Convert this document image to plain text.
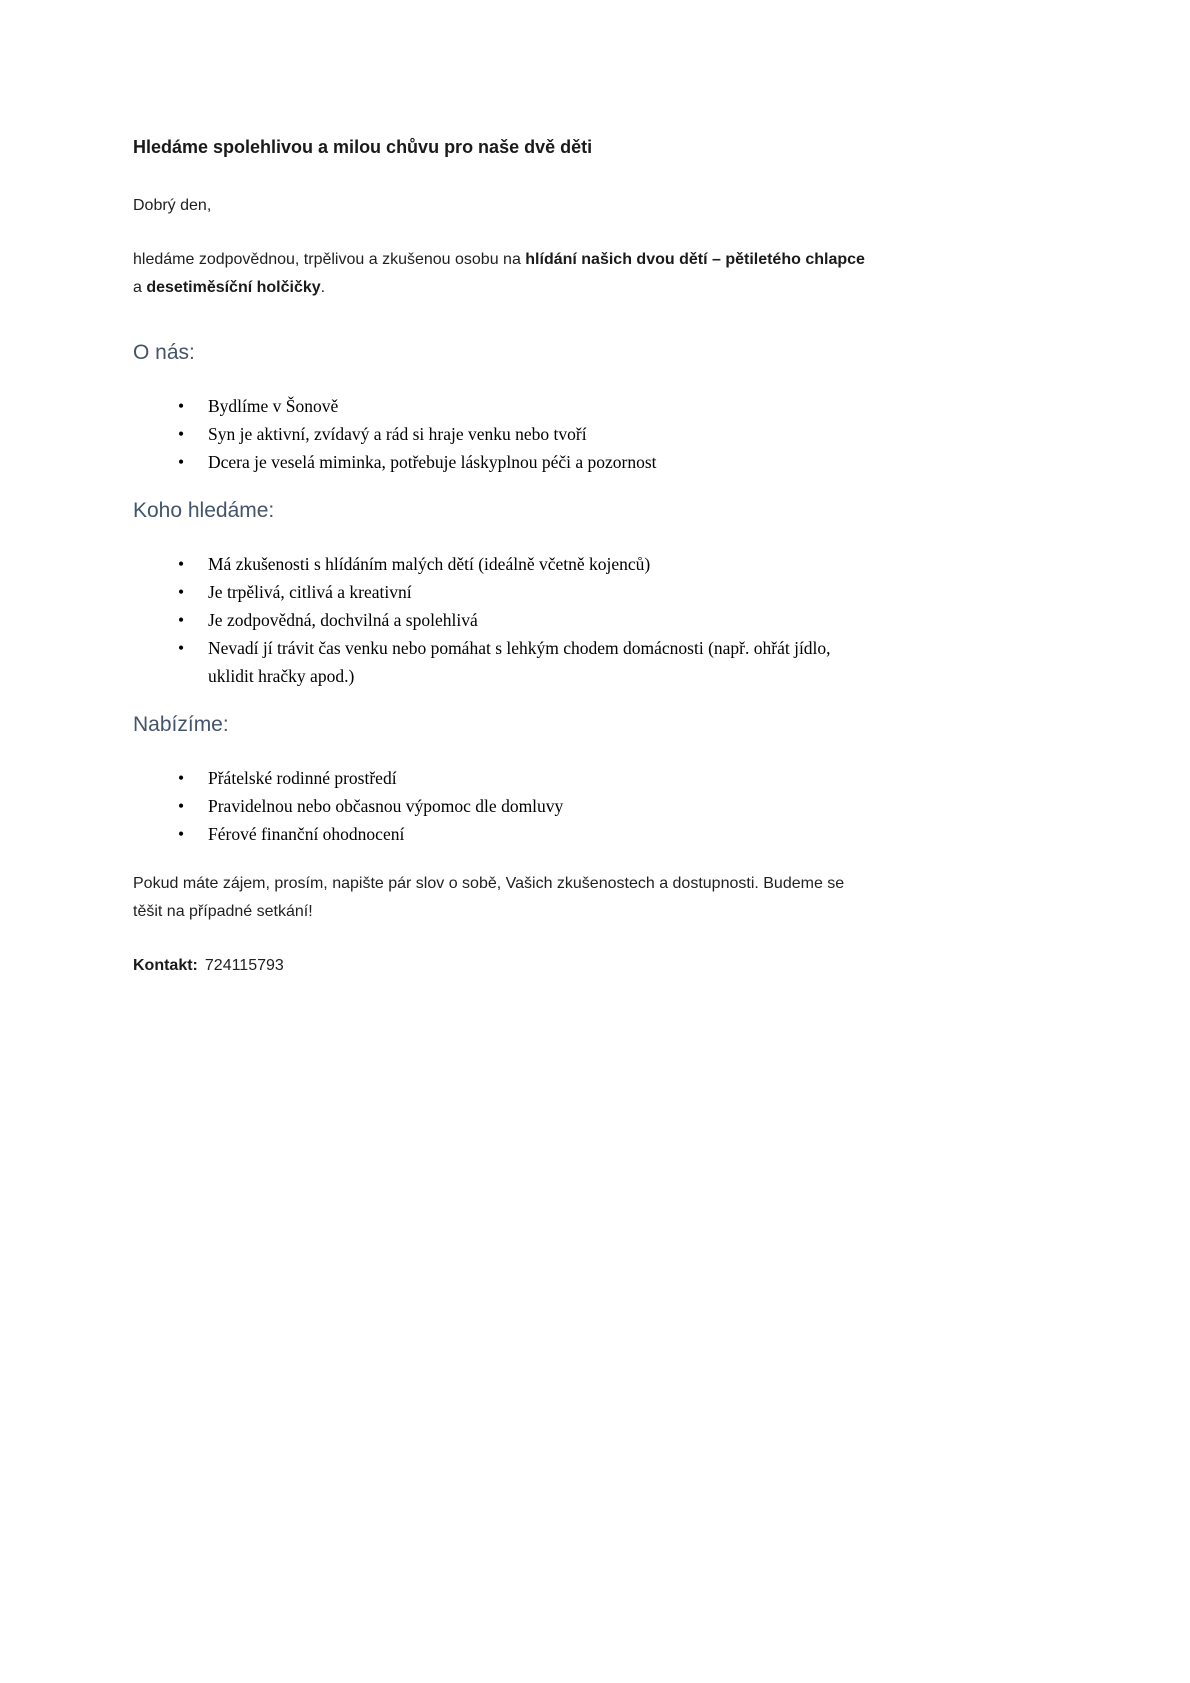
Hledáme spolehlivou a milou chůvu pro naše dvě děti

Dobrý den,

hledáme zodpovědnou, trpělivou a zkušenou osobu na hlídání našich dvou dětí – pětiletého chlapce
a desetiměsíční holčičky.

O nás:
• Bydlíme v Šonově
• Syn je aktivní, zvídavý a rád si hraje venku nebo tvoří
• Dcera je veselá miminka, potřebuje láskyplnou péči a pozornost
Koho hledáme:
• Má zkušenosti s hlídáním malých dětí (ideálně včetně kojenců)
• Je trpělivá, citlivá a kreativní
• Je zodpovědná, dochvilná a spolehlivá
• Nevadí jí trávit čas venku nebo pomáhat s lehkým chodem domácnosti (např. ohřát jídlo,
uklidit hračky apod.)
Nabízíme:
• Přátelské rodinné prostředí
• Pravidelnou nebo občasnou výpomoc dle domluvy
• Férové finanční ohodnocení

Pokud máte zájem, prosím, napište pár slov o sobě, Vašich zkušenostech a dostupnosti. Budeme se
těšit na případné setkání!

Kontakt: 724115793
